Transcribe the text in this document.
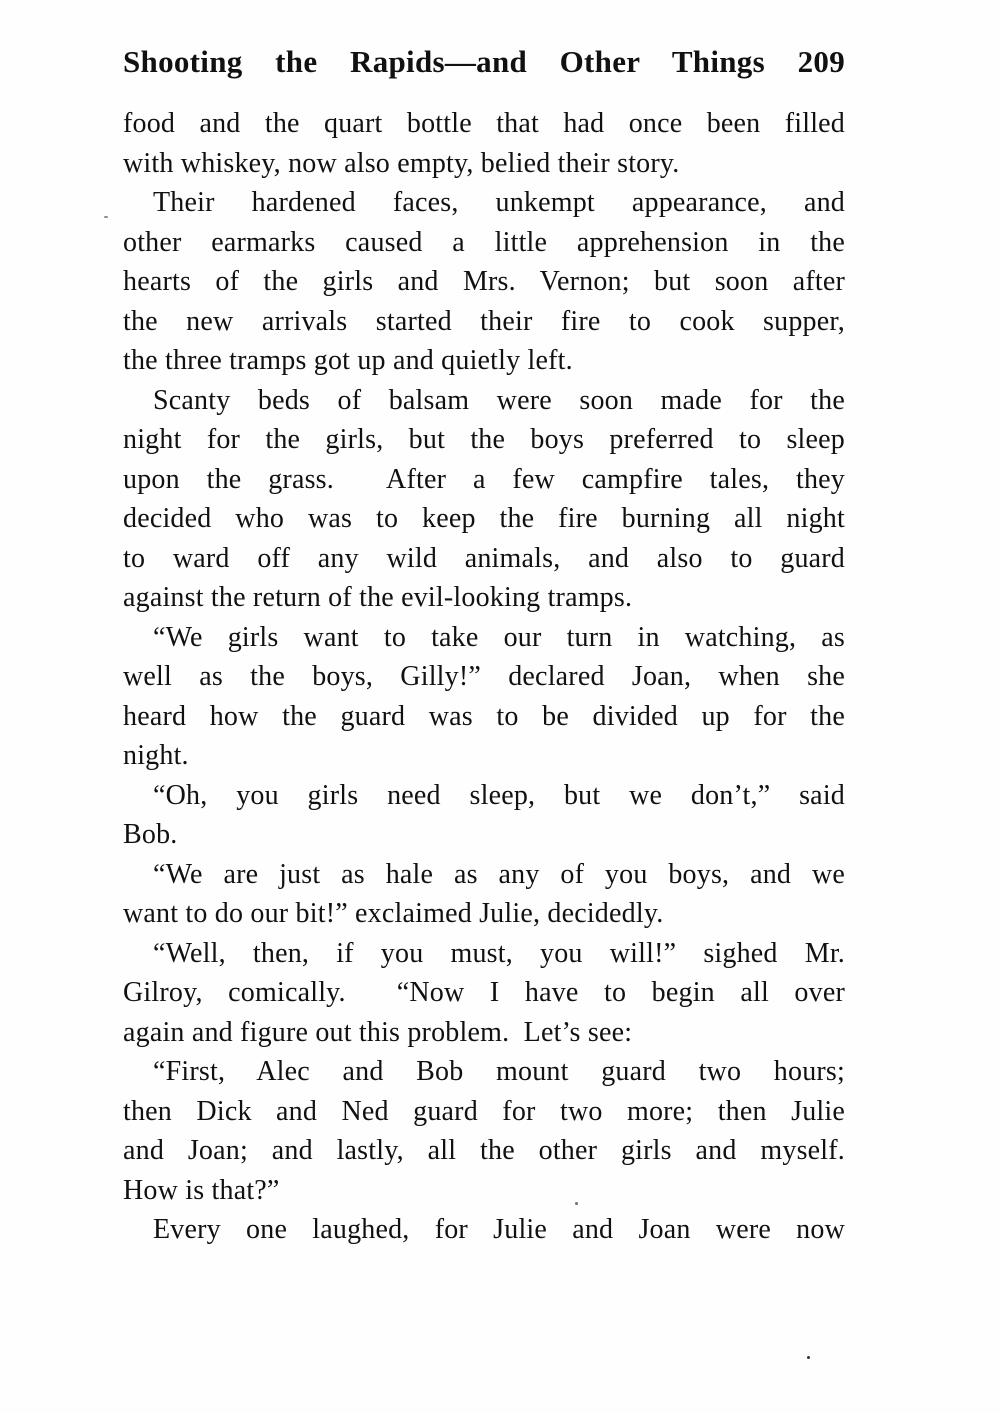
Shooting the Rapids—and Other Things 209
food and the quart bottle that had once been filled
with whiskey, now also empty, belied their story.
Their hardened faces, unkempt appearance, and
other earmarks caused a little apprehension in the
hearts of the girls and Mrs. Vernon; but soon after
the new arrivals started their fire to cook supper,
the three tramps got up and quietly left.
Scanty beds of balsam were soon made for the
night for the girls, but the boys preferred to sleep
upon the grass.  After a few campfire tales, they
decided who was to keep the fire burning all night
to ward off any wild animals, and also to guard
against the return of the evil-looking tramps.
“We girls want to take our turn in watching, as
well as the boys, Gilly!” declared Joan, when she
heard how the guard was to be divided up for the
night.
“Oh, you girls need sleep, but we don’t,” said
Bob.
“We are just as hale as any of you boys, and we
want to do our bit!” exclaimed Julie, decidedly.
“Well, then, if you must, you will!” sighed Mr.
Gilroy, comically.  “Now I have to begin all over
again and figure out this problem.  Let’s see:
“First, Alec and Bob mount guard two hours;
then Dick and Ned guard for two more; then Julie
and Joan; and lastly, all the other girls and myself.
How is that?”
Every one laughed, for Julie and Joan were now
